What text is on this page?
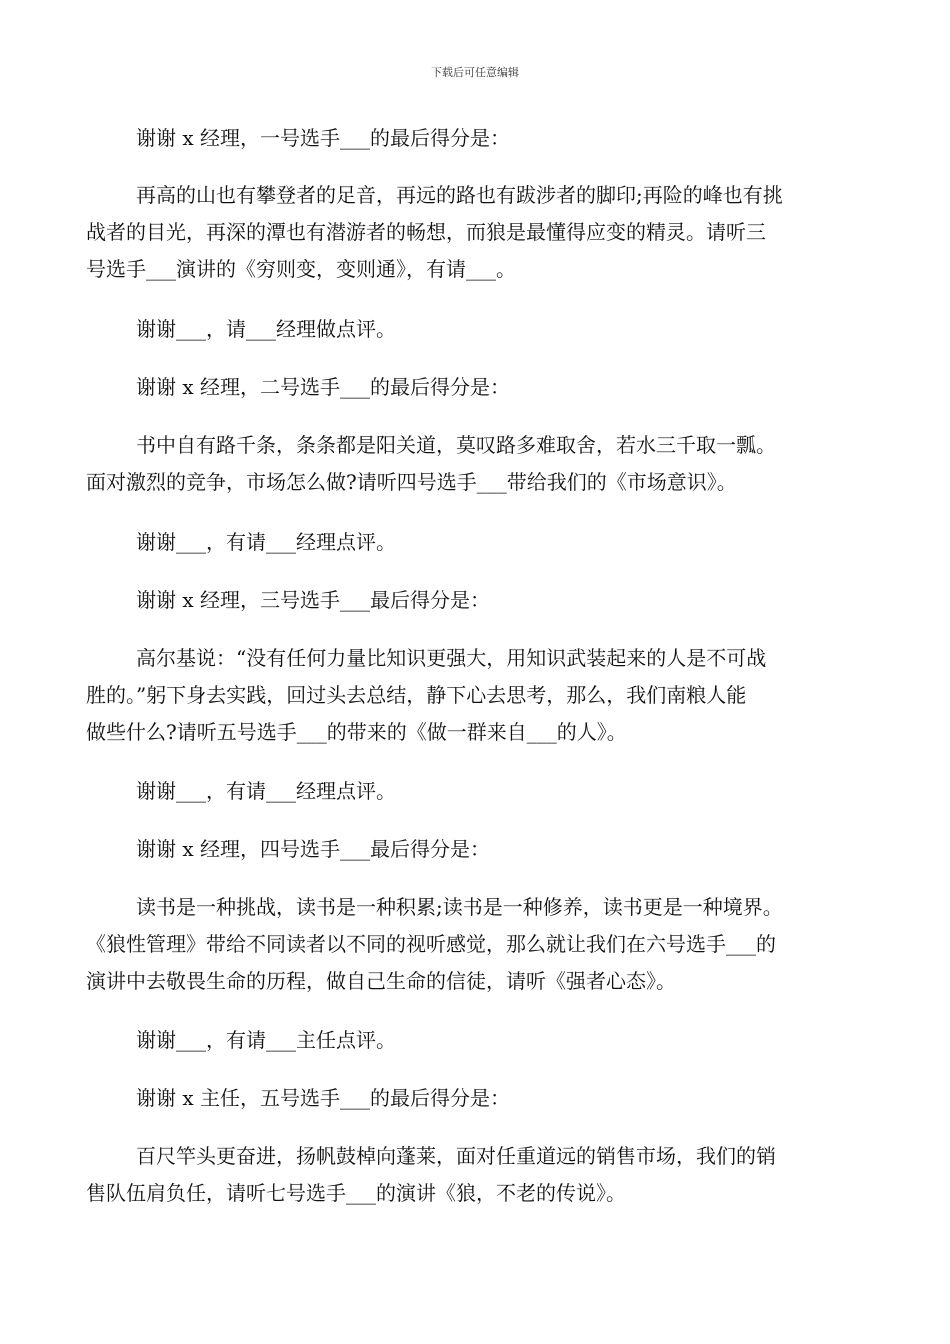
下载后可任意编辑
谢谢 x 经理，一号选手___的最后得分是：
再高的山也有攀登者的足音，再远的路也有跋涉者的脚印;再险的峰也有挑
战者的目光，再深的潭也有潜游者的畅想，而狼是最懂得应变的精灵。请听三
号选手___演讲的《穷则变，变则通》，有请___。
谢谢___，请___经理做点评。
谢谢 x 经理，二号选手___的最后得分是：
书中自有路千条，条条都是阳关道，莫叹路多难取舍，若水三千取一瓢。
面对激烈的竞争，市场怎么做?请听四号选手___带给我们的《市场意识》。
谢谢___，有请___经理点评。
谢谢 x 经理，三号选手___最后得分是：
高尔基说：“没有任何力量比知识更强大，用知识武装起来的人是不可战
胜的。”躬下身去实践，回过头去总结，静下心去思考，那么，我们南粮人能
做些什么?请听五号选手___的带来的《做一群来自___的人》。
谢谢___，有请___经理点评。
谢谢 x 经理，四号选手___最后得分是：
读书是一种挑战，读书是一种积累;读书是一种修养，读书更是一种境界。
《狼性管理》带给不同读者以不同的视听感觉，那么就让我们在六号选手___的
演讲中去敬畏生命的历程，做自己生命的信徒，请听《强者心态》。
谢谢___，有请___主任点评。
谢谢 x 主任，五号选手___的最后得分是：
百尺竿头更奋进，扬帆鼓棹向蓬莱，面对任重道远的销售市场，我们的销
售队伍肩负任，请听七号选手___的演讲《狼，不老的传说》。
